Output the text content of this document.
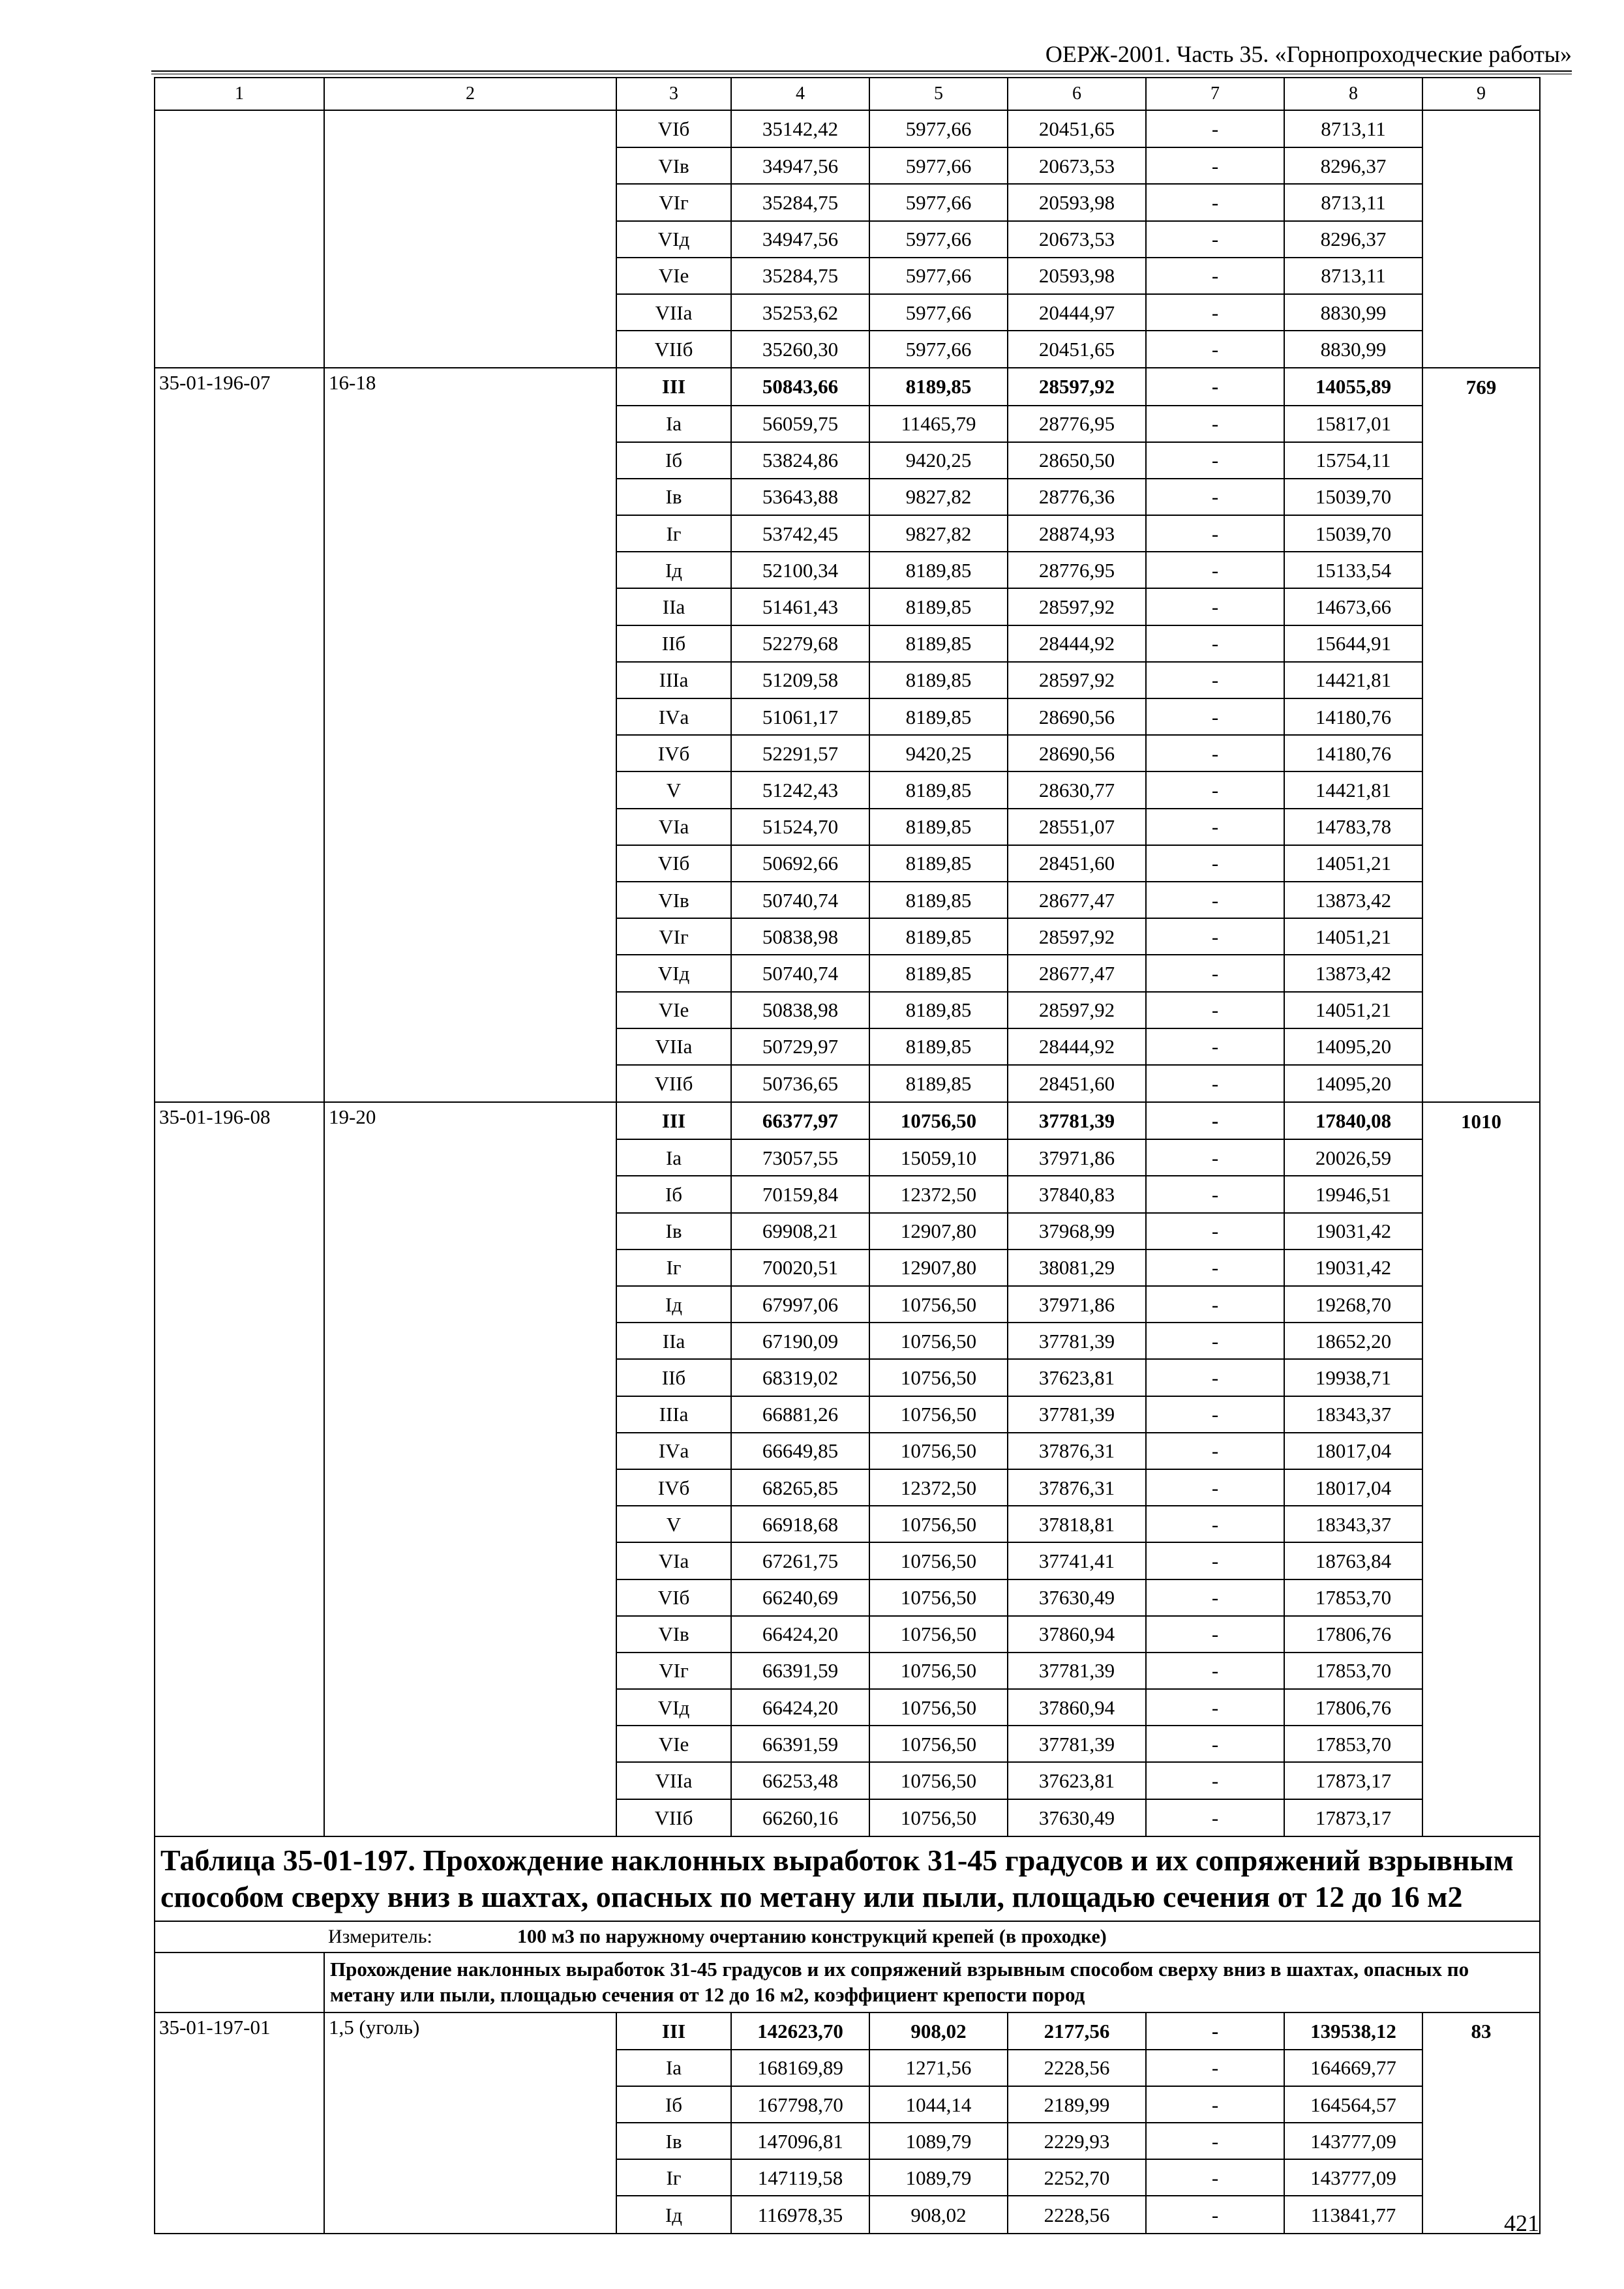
ОЕРЖ-2001. Часть 35. «Горнопроходческие работы»
1	2	3	4	5	6	7	8	9
		VIб	35142,42	5977,66	20451,65	-	8713,11	
		VIв	34947,56	5977,66	20673,53	-	8296,37	
		VIг	35284,75	5977,66	20593,98	-	8713,11	
		VIд	34947,56	5977,66	20673,53	-	8296,37	
		VIе	35284,75	5977,66	20593,98	-	8713,11	
		VIIа	35253,62	5977,66	20444,97	-	8830,99	
		VIIб	35260,30	5977,66	20451,65	-	8830,99	
35-01-196-07	16-18	III	50843,66	8189,85	28597,92	-	14055,89	769
		Iа	56059,75	11465,79	28776,95	-	15817,01	
		Iб	53824,86	9420,25	28650,50	-	15754,11	
		Iв	53643,88	9827,82	28776,36	-	15039,70	
		Iг	53742,45	9827,82	28874,93	-	15039,70	
		Iд	52100,34	8189,85	28776,95	-	15133,54	
		IIа	51461,43	8189,85	28597,92	-	14673,66	
		IIб	52279,68	8189,85	28444,92	-	15644,91	
		IIIа	51209,58	8189,85	28597,92	-	14421,81	
		IVа	51061,17	8189,85	28690,56	-	14180,76	
		IVб	52291,57	9420,25	28690,56	-	14180,76	
		V	51242,43	8189,85	28630,77	-	14421,81	
		VIа	51524,70	8189,85	28551,07	-	14783,78	
		VIб	50692,66	8189,85	28451,60	-	14051,21	
		VIв	50740,74	8189,85	28677,47	-	13873,42	
		VIг	50838,98	8189,85	28597,92	-	14051,21	
		VIд	50740,74	8189,85	28677,47	-	13873,42	
		VIе	50838,98	8189,85	28597,92	-	14051,21	
		VIIа	50729,97	8189,85	28444,92	-	14095,20	
		VIIб	50736,65	8189,85	28451,60	-	14095,20	
35-01-196-08	19-20	III	66377,97	10756,50	37781,39	-	17840,08	1010
		Iа	73057,55	15059,10	37971,86	-	20026,59	
		Iб	70159,84	12372,50	37840,83	-	19946,51	
		Iв	69908,21	12907,80	37968,99	-	19031,42	
		Iг	70020,51	12907,80	38081,29	-	19031,42	
		Iд	67997,06	10756,50	37971,86	-	19268,70	
		IIа	67190,09	10756,50	37781,39	-	18652,20	
		IIб	68319,02	10756,50	37623,81	-	19938,71	
		IIIа	66881,26	10756,50	37781,39	-	18343,37	
		IVа	66649,85	10756,50	37876,31	-	18017,04	
		IVб	68265,85	12372,50	37876,31	-	18017,04	
		V	66918,68	10756,50	37818,81	-	18343,37	
		VIа	67261,75	10756,50	37741,41	-	18763,84	
		VIб	66240,69	10756,50	37630,49	-	17853,70	
		VIв	66424,20	10756,50	37860,94	-	17806,76	
		VIг	66391,59	10756,50	37781,39	-	17853,70	
		VIд	66424,20	10756,50	37860,94	-	17806,76	
		VIе	66391,59	10756,50	37781,39	-	17853,70	
		VIIа	66253,48	10756,50	37623,81	-	17873,17	
		VIIб	66260,16	10756,50	37630,49	-	17873,17	
Таблица 35-01-197. Прохождение наклонных выработок 31-45 градусов и их сопряжений взрывным способом сверху вниз в шахтах, опасных по метану или пыли, площадью сечения от 12 до 16 м2								
	Измеритель: 100 м3 по наружному очертанию конструкций крепей (в проходке)							
	Прохождение наклонных выработок 31-45 градусов и их сопряжений взрывным способом сверху вниз в шахтах, опасных по метану или пыли, площадью сечения от 12 до 16 м2, коэффициент крепости пород							
35-01-197-01	1,5 (уголь)	III	142623,70	908,02	2177,56	-	139538,12	83
		Iа	168169,89	1271,56	2228,56	-	164669,77	
		Iб	167798,70	1044,14	2189,99	-	164564,57	
		Iв	147096,81	1089,79	2229,93	-	143777,09	
		Iг	147119,58	1089,79	2252,70	-	143777,09	
		Iд	116978,35	908,02	2228,56	-	113841,77		421
